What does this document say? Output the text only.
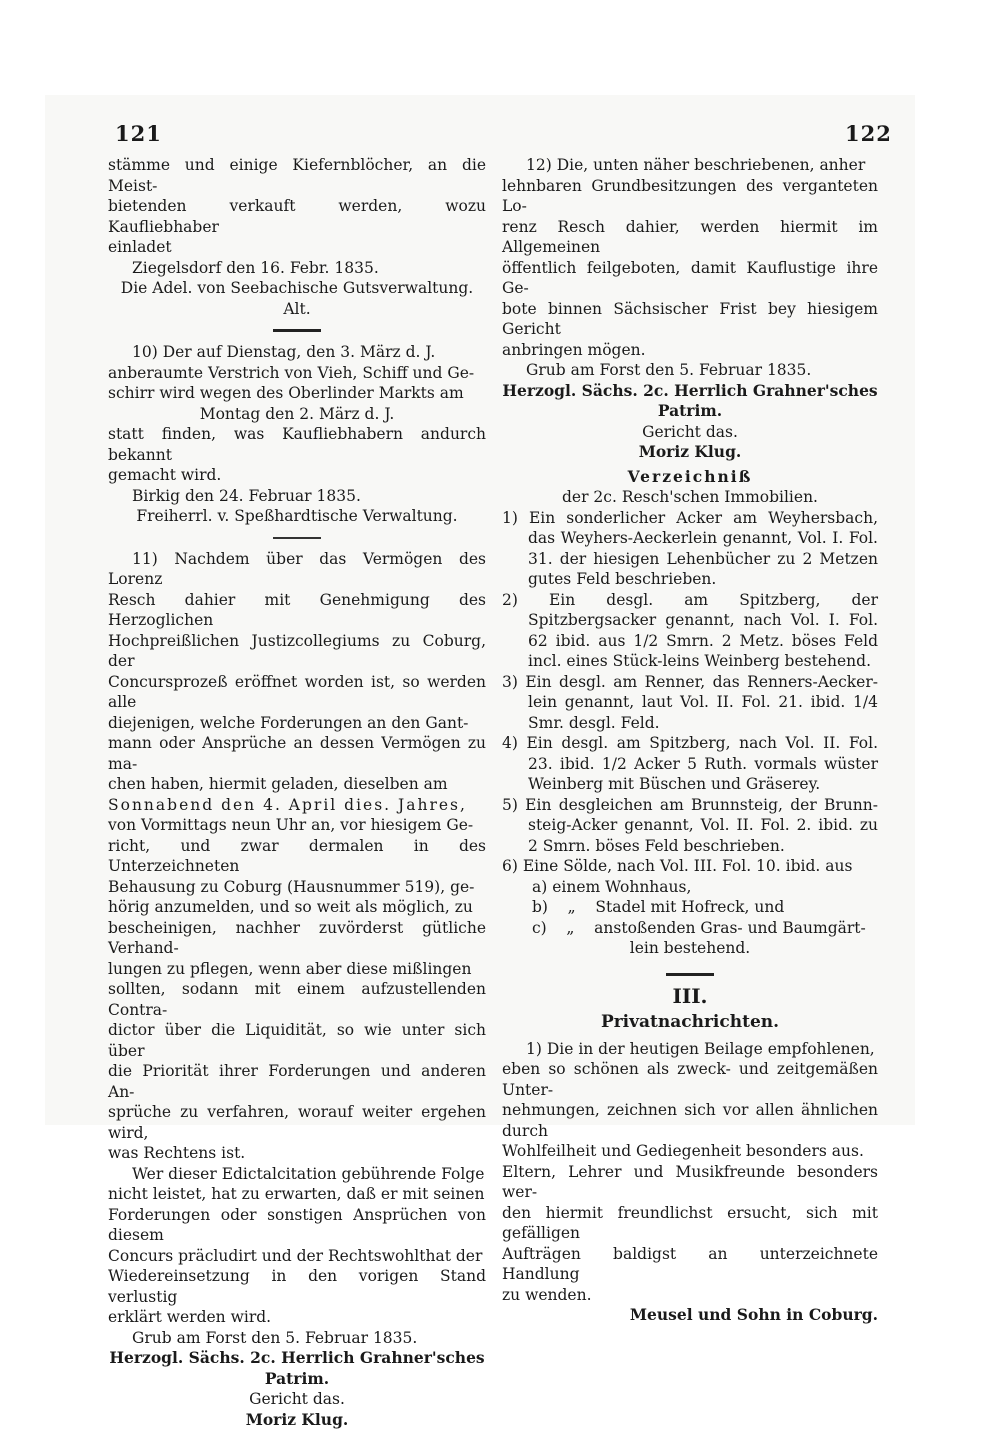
121	122

stämme und einige Kiefernblöcher, an die Meist-

bietenden verkauft werden, wozu Kaufliebhaber

einladet

Ziegelsdorf den 16. Febr. 1835.

Die Adel. von Seebachische Gutsverwaltung.

Alt.

10) Der auf Dienstag, den 3. März d. J.

anberaumte Verstrich von Vieh, Schiff und Ge-

schirr wird wegen des Oberlinder Markts am

Montag den 2. März d. J.

statt finden, was Kaufliebhabern andurch bekannt

gemacht wird.

Birkig den 24. Februar 1835.

Freiherrl. v. Speßhardtische Verwaltung.

11) Nachdem über das Vermögen des Lorenz

Resch dahier mit Genehmigung des Herzoglichen

Hochpreißlichen Justizcollegiums zu Coburg, der

Concursprozeß eröffnet worden ist, so werden alle

diejenigen, welche Forderungen an den Gant-

mann oder Ansprüche an dessen Vermögen zu ma-

chen haben, hiermit geladen, dieselben am

Sonnabend den 4. April dies. Jahres,

von Vormittags neun Uhr an, vor hiesigem Ge-

richt, und zwar dermalen in des Unterzeichneten

Behausung zu Coburg (Hausnummer 519), ge-

hörig anzumelden, und so weit als möglich, zu

bescheinigen, nachher zuvörderst gütliche Verhand-

lungen zu pflegen, wenn aber diese mißlingen

sollten, sodann mit einem aufzustellenden Contra-

dictor über die Liquidität, so wie unter sich über

die Priorität ihrer Forderungen und anderen An-

sprüche zu verfahren, worauf weiter ergehen wird,

was Rechtens ist.

Wer dieser Edictalcitation gebührende Folge

nicht leistet, hat zu erwarten, daß er mit seinen

Forderungen oder sonstigen Ansprüchen von diesem

Concurs präcludirt und der Rechtswohlthat der

Wiedereinsetzung in den vorigen Stand verlustig

erklärt werden wird.

Grub am Forst den 5. Februar 1835.

Herzogl. Sächs. 2c. Herrlich Grahner'sches Patrim.

Gericht das.

Moriz Klug.

12) Die, unten näher beschriebenen, anher

lehnbaren Grundbesitzungen des verganteten Lo-

renz Resch dahier, werden hiermit im Allgemeinen

öffentlich feilgeboten, damit Kauflustige ihre Ge-

bote binnen Sächsischer Frist bey hiesigem Gericht

anbringen mögen.

Grub am Forst den 5. Februar 1835.

Herzogl. Sächs. 2c. Herrlich Grahner'sches Patrim.

Gericht das.

Moriz Klug.

Verzeichniß

der 2c. Resch'schen Immobilien.

1) Ein sonderlicher Acker am Weyhersbach, das Weyhers-Aeckerlein genannt, Vol. I. Fol. 31. der hiesigen Lehenbücher zu 2 Metzen gutes Feld beschrieben.

2) Ein desgl. am Spitzberg, der Spitzbergsacker genannt, nach Vol. I. Fol. 62 ibid. aus 1/2 Smrn. 2 Metz. böses Feld incl. eines Stück-leins Weinberg bestehend.

3) Ein desgl. am Renner, das Renners-Aecker-lein genannt, laut Vol. II. Fol. 21. ibid. 1/4 Smr. desgl. Feld.

4) Ein desgl. am Spitzberg, nach Vol. II. Fol. 23. ibid. 1/2 Acker 5 Ruth. vormals wüster Weinberg mit Büschen und Gräserey.

5) Ein desgleichen am Brunnsteig, der Brunn-steig-Acker genannt, Vol. II. Fol. 2. ibid. zu 2 Smrn. böses Feld beschrieben.

6) Eine Sölde, nach Vol. III. Fol. 10. ibid. aus

a) einem Wohnhaus,

b)    „    Stadel mit Hofreck, und

c)    „    anstoßenden Gras- und Baumgärt-

lein bestehend.

III.

Privatnachrichten.

1) Die in der heutigen Beilage empfohlenen,

eben so schönen als zweck- und zeitgemäßen Unter-

nehmungen, zeichnen sich vor allen ähnlichen durch

Wohlfeilheit und Gediegenheit besonders aus.

Eltern, Lehrer und Musikfreunde besonders wer-

den hiermit freundlichst ersucht, sich mit gefälligen

Aufträgen baldigst an unterzeichnete Handlung

zu wenden.

Meusel und Sohn in Coburg.
